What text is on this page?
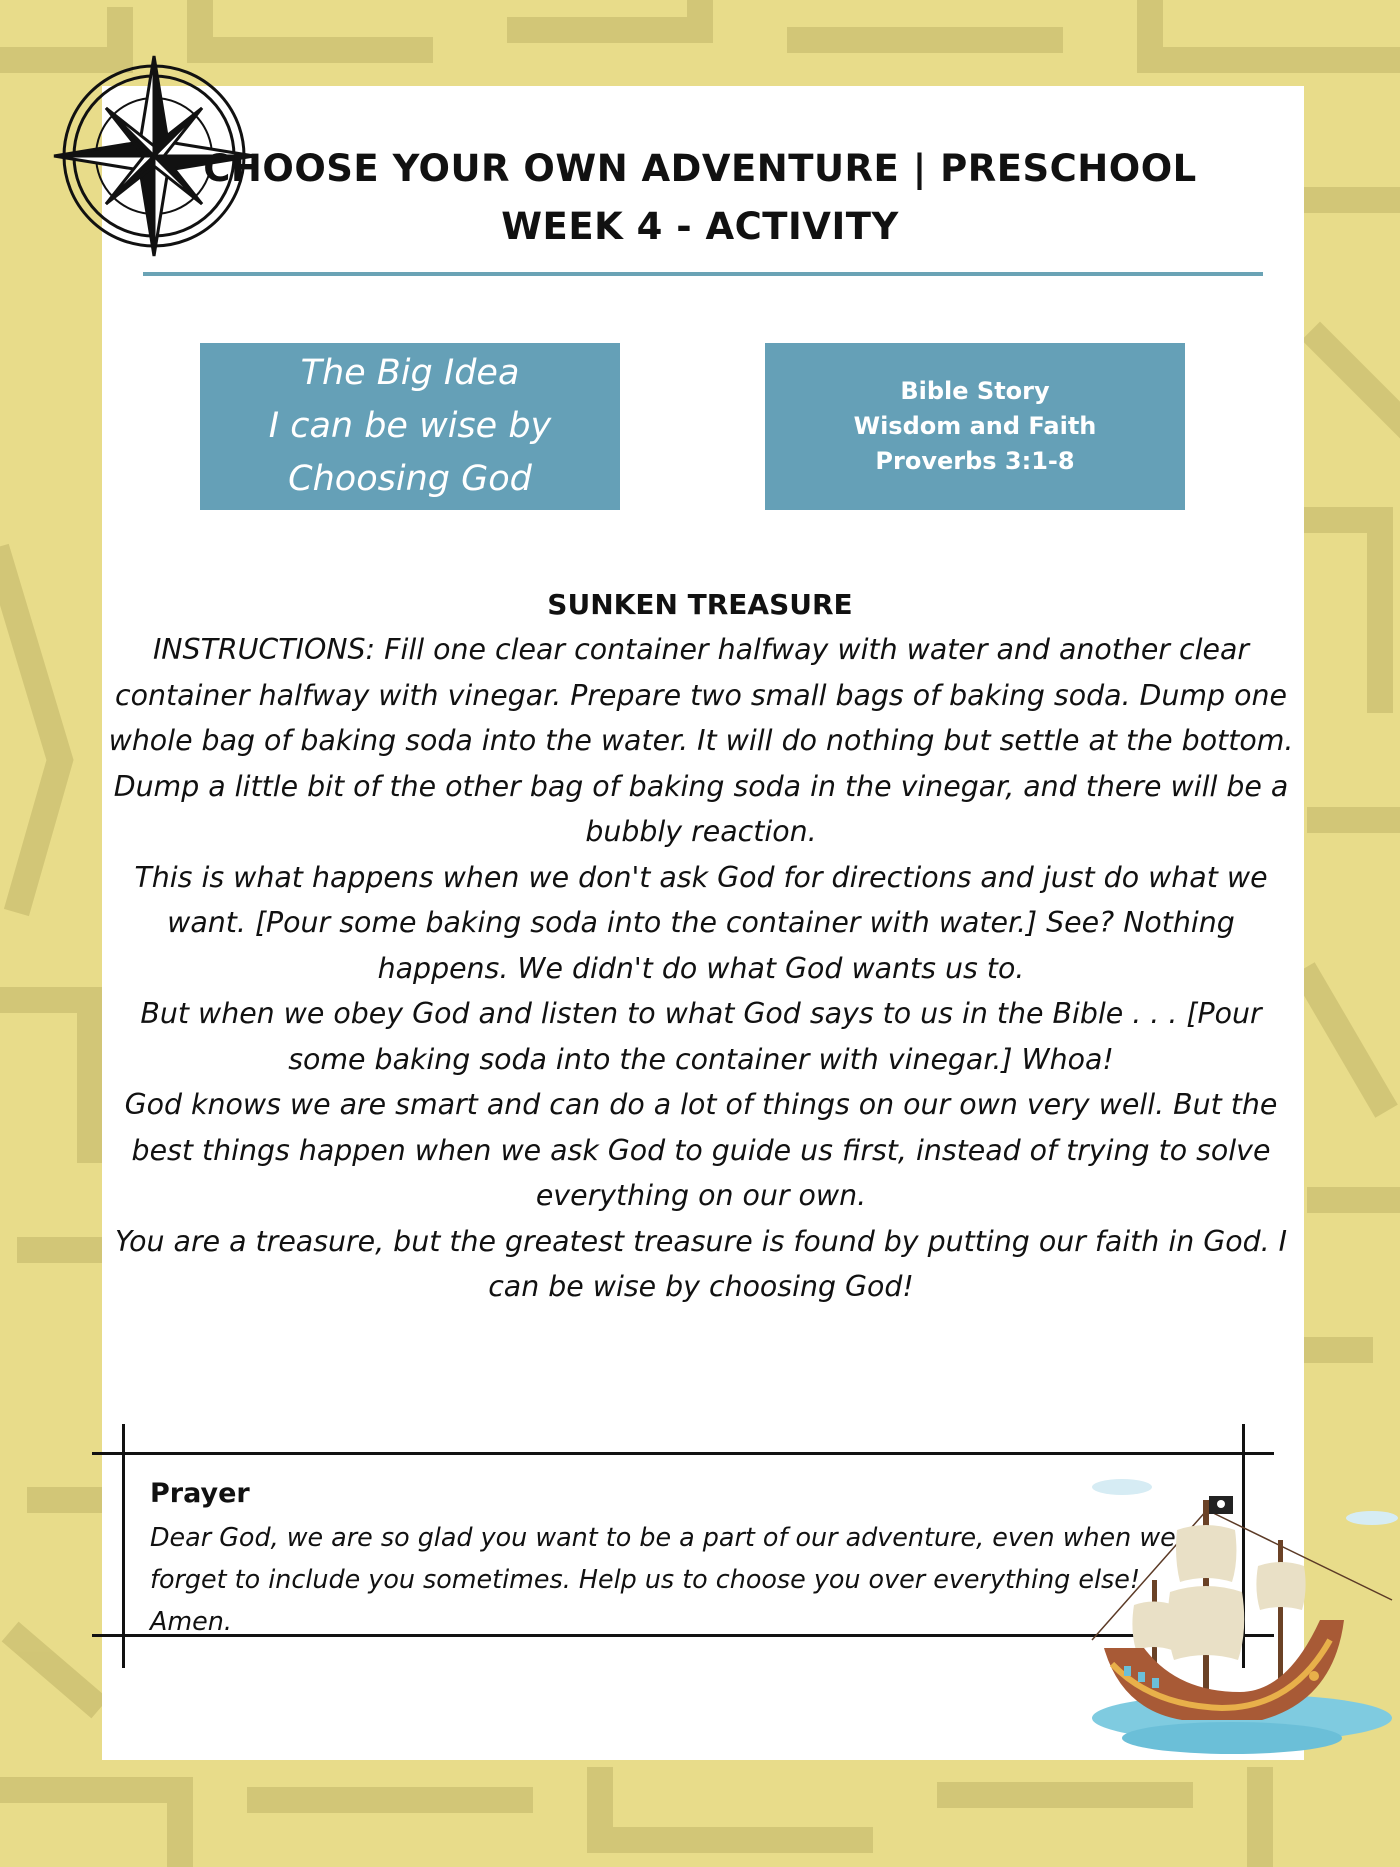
CHOOSE YOUR OWN ADVENTURE | PRESCHOOL
WEEK 4 - ACTIVITY
The Big Idea
I can be wise by
Choosing God
Bible Story
Wisdom and Faith
Proverbs 3:1-8
SUNKEN TREASURE

INSTRUCTIONS: Fill one clear container halfway with water and another clear container halfway with vinegar. Prepare two small bags of baking soda. Dump one whole bag of baking soda into the water. It will do nothing but settle at the bottom. Dump a little bit of the other bag of baking soda in the vinegar, and there will be a bubbly reaction.

This is what happens when we don't ask God for directions and just do what we want. [Pour some baking soda into the container with water.] See? Nothing happens. We didn't do what God wants us to.

But when we obey God and listen to what God says to us in the Bible . . . [Pour some baking soda into the container with vinegar.] Whoa!

God knows we are smart and can do a lot of things on our own very well. But the best things happen when we ask God to guide us first, instead of trying to solve everything on our own.

You are a treasure, but the greatest treasure is found by putting our faith in God. I can be wise by choosing God!

Prayer
Dear God, we are so glad you want to be a part of our adventure, even when we forget to include you sometimes. Help us to choose you over everything else! Amen.
